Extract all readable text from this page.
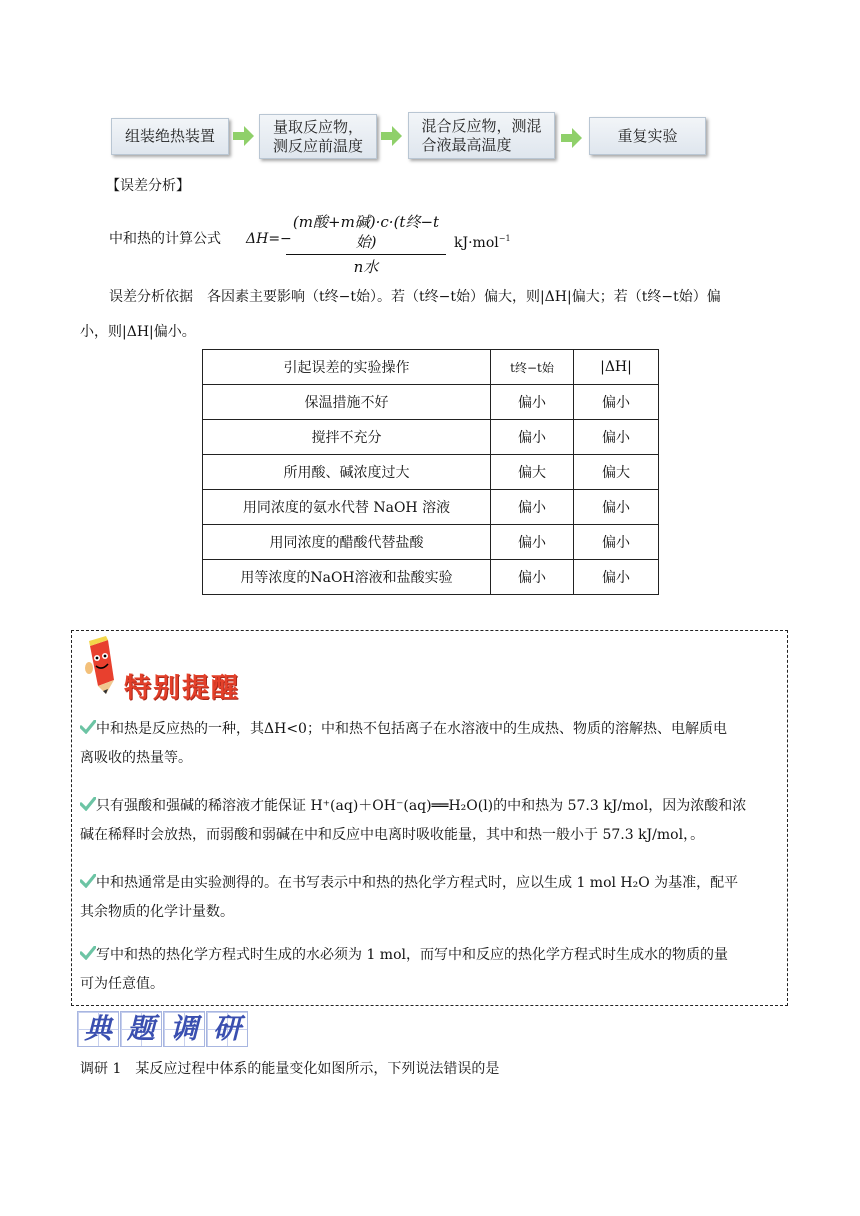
组装绝热装置
量取反应物，
测反应前温度
混合反应物，测混
合液最高温度	重复实验
【误差分析】
中和热的计算公式 ΔH=−
(m酸+m碱)·c·(t终−t始)
n水
kJ·mol$^{-1}$
误差分析依据　各因素主要影响（t终−t始）。若（t终−t始）偏大，则|ΔH|偏大；若（t终−t始）偏
小，则|ΔH|偏小。
引起误差的实验操作	t终−t始	|ΔH|
保温措施不好	偏小	偏小
搅拌不充分	偏小	偏小
所用酸、碱浓度过大	偏大	偏大
用同浓度的氨水代替 NaOH 溶液	偏小	偏小
用同浓度的醋酸代替盐酸	偏小	偏小
用等浓度的NaOH溶液和盐酸实验	偏小	偏小
特别提醒
中和热是反应热的一种，其ΔH<0；中和热不包括离子在水溶液中的生成热、物质的溶解热、电解质电
离吸收的热量等。
只有强酸和强碱的稀溶液才能保证 H⁺(aq)＋OH⁻(aq)══H₂O(l)的中和热为 57.3 kJ/mol，因为浓酸和浓
碱在稀释时会放热，而弱酸和弱碱在中和反应中电离时吸收能量，其中和热一般小于 57.3 kJ/mol，。
中和热通常是由实验测得的。在书写表示中和热的热化学方程式时，应以生成 1 mol H₂O 为基准，配平
其余物质的化学计量数。
写中和热的热化学方程式时生成的水必须为 1 mol，而写中和反应的热化学方程式时生成水的物质的量
可为任意值。
典 题 调 研
调研 1　某反应过程中体系的能量变化如图所示，下列说法错误的是
